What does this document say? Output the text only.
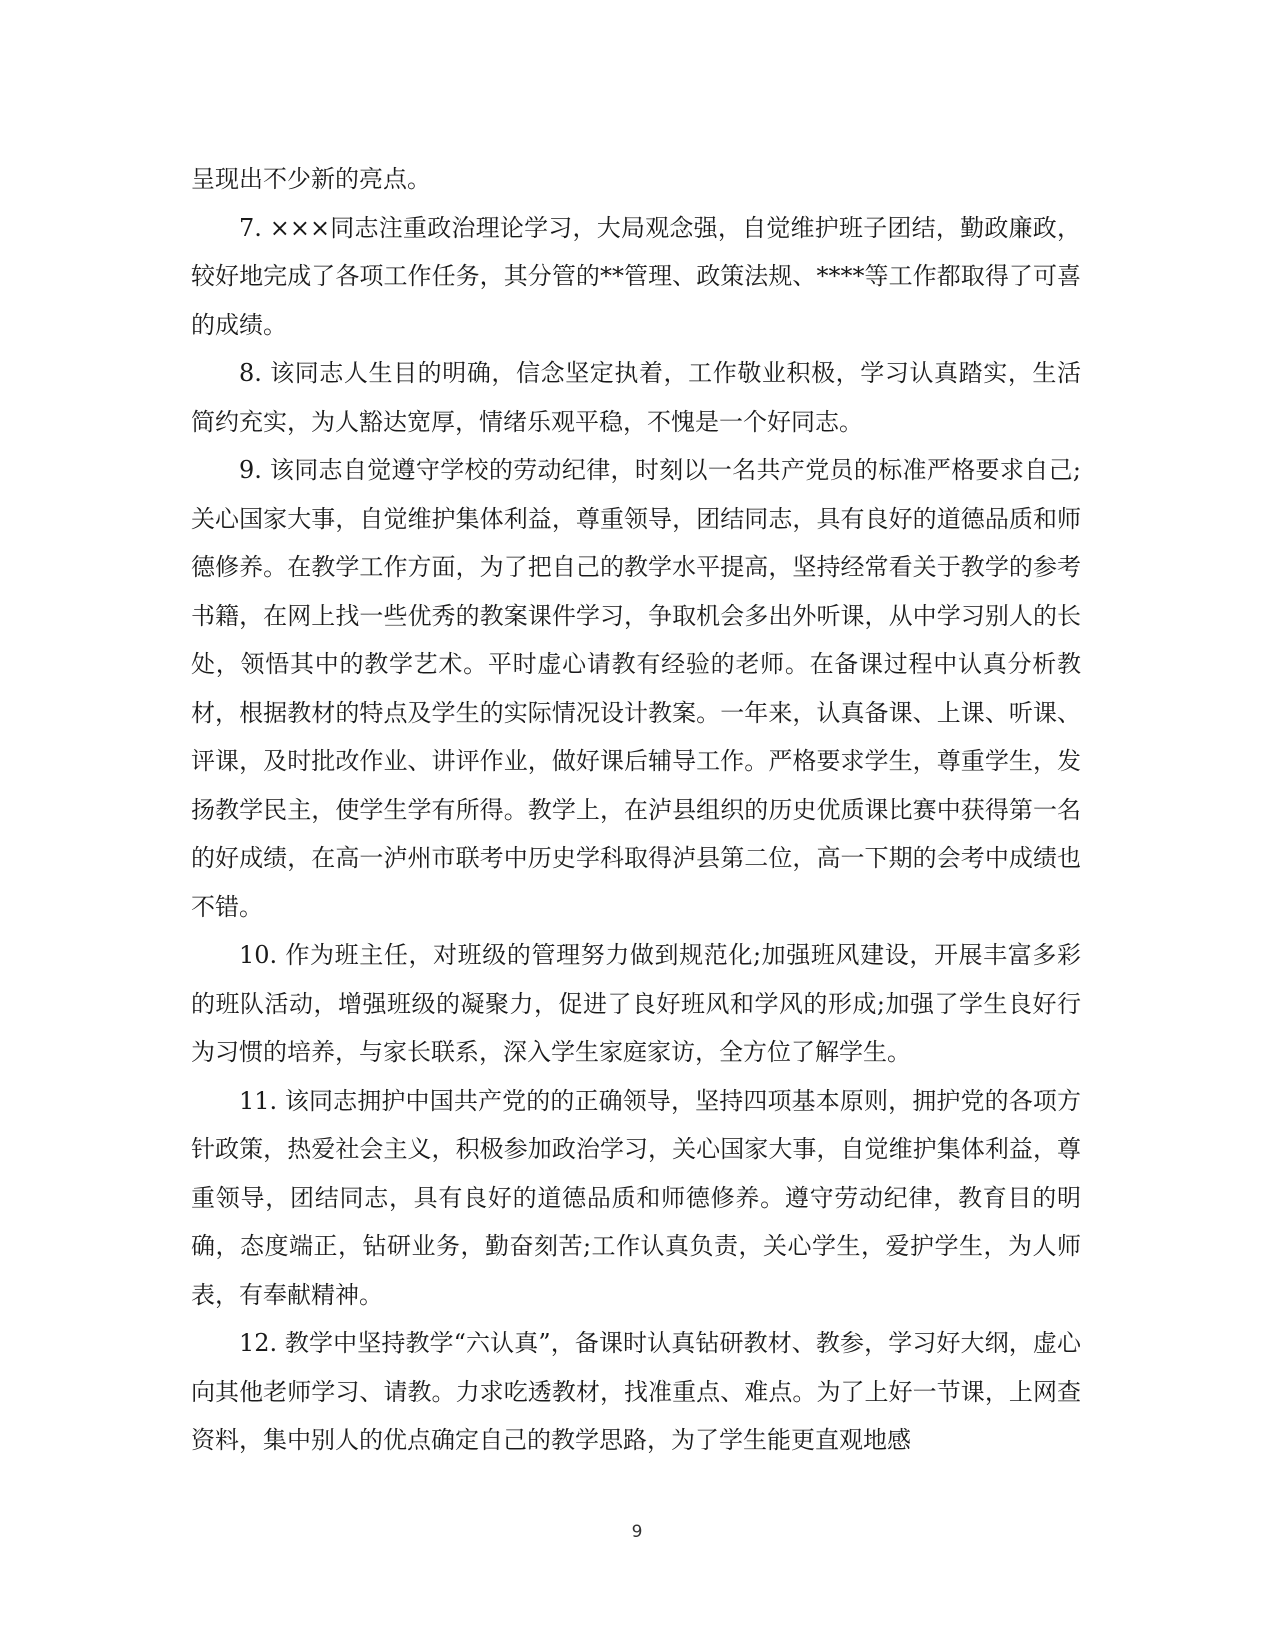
呈现出不少新的亮点。

7. ×××同志注重政治理论学习，大局观念强，自觉维护班子团结，勤政廉政，较好地完成了各项工作任务，其分管的**管理、政策法规、****等工作都取得了可喜的成绩。

8. 该同志人生目的明确，信念坚定执着，工作敬业积极，学习认真踏实，生活简约充实，为人豁达宽厚，情绪乐观平稳，不愧是一个好同志。

9. 该同志自觉遵守学校的劳动纪律，时刻以一名共产党员的标准严格要求自己;关心国家大事，自觉维护集体利益，尊重领导，团结同志，具有良好的道德品质和师德修养。在教学工作方面，为了把自己的教学水平提高，坚持经常看关于教学的参考书籍，在网上找一些优秀的教案课件学习，争取机会多出外听课，从中学习别人的长处，领悟其中的教学艺术。平时虚心请教有经验的老师。在备课过程中认真分析教材，根据教材的特点及学生的实际情况设计教案。一年来，认真备课、上课、听课、评课，及时批改作业、讲评作业，做好课后辅导工作。严格要求学生，尊重学生，发扬教学民主，使学生学有所得。教学上，在泸县组织的历史优质课比赛中获得第一名的好成绩，在高一泸州市联考中历史学科取得泸县第二位，高一下期的会考中成绩也不错。

10. 作为班主任，对班级的管理努力做到规范化;加强班风建设，开展丰富多彩的班队活动，增强班级的凝聚力，促进了良好班风和学风的形成;加强了学生良好行为习惯的培养，与家长联系，深入学生家庭家访，全方位了解学生。

11. 该同志拥护中国共产党的的正确领导，坚持四项基本原则，拥护党的各项方针政策，热爱社会主义，积极参加政治学习，关心国家大事，自觉维护集体利益，尊重领导，团结同志，具有良好的道德品质和师德修养。遵守劳动纪律，教育目的明确，态度端正，钻研业务，勤奋刻苦;工作认真负责，关心学生，爱护学生，为人师表，有奉献精神。

12. 教学中坚持教学“六认真”，备课时认真钻研教材、教参，学习好大纲，虚心向其他老师学习、请教。力求吃透教材，找准重点、难点。为了上好一节课，上网查资料，集中别人的优点确定自己的教学思路，为了学生能更直观地感

9
